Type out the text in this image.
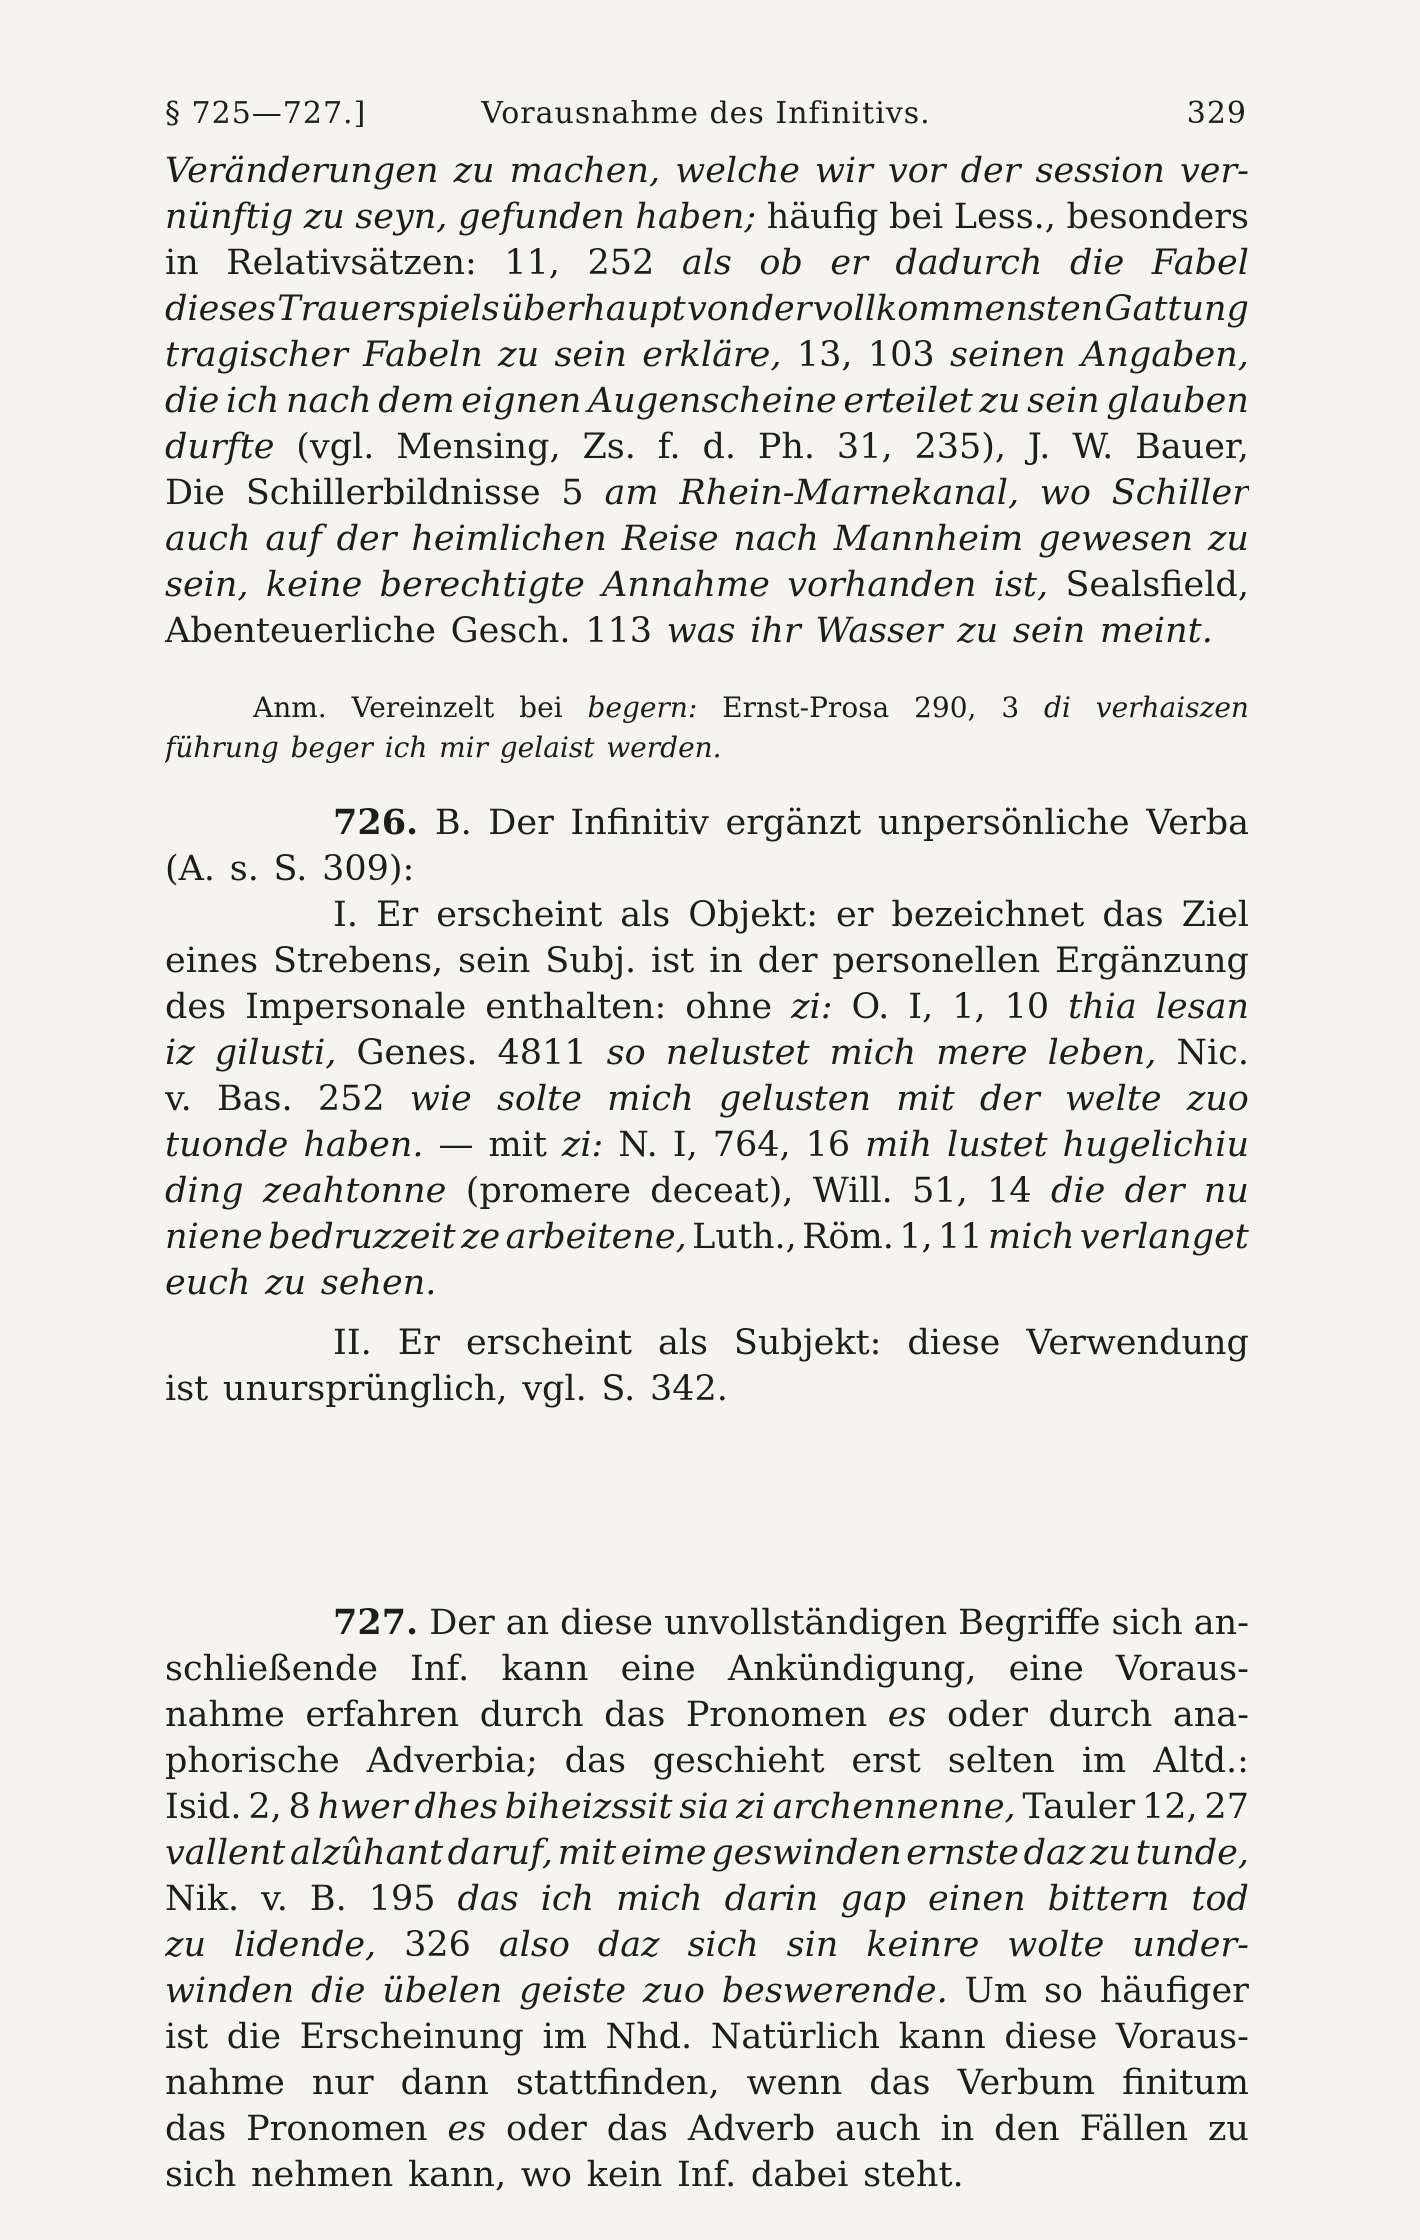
§ 725—727.]	Vorausnahme des Infinitivs.	329
Veränderungen zu machen, welche wir vor der session ver-
nünftig zu seyn, gefunden haben; häufig bei Less., besonders
in Relativsätzen: 11, 252 als ob er dadurch die Fabel
dieses Trauerspiels überhaupt von der vollkommensten Gattung
tragischer Fabeln zu sein erkläre, 13, 103 seinen Angaben,
die ich nach dem eignen Augenscheine erteilet zu sein glauben
durfte (vgl. Mensing, Zs. f. d. Ph. 31, 235), J. W. Bauer,
Die Schillerbildnisse 5 am Rhein-Marnekanal, wo Schiller
auch auf der heimlichen Reise nach Mannheim gewesen zu
sein, keine berechtigte Annahme vorhanden ist, Sealsfield,
Abenteuerliche Gesch. 113 was ihr Wasser zu sein meint.
Anm. Vereinzelt bei begern: Ernst-Prosa 290, 3 di verhaiszen
führung beger ich mir gelaist werden.
726. B. Der Infinitiv ergänzt unpersönliche Verba
(A. s. S. 309):
I. Er erscheint als Objekt: er bezeichnet das Ziel
eines Strebens, sein Subj. ist in der personellen Ergänzung
des Impersonale enthalten: ohne zi: O. I, 1, 10 thia lesan
iz gilusti, Genes. 4811 so nelustet mich mere leben, Nic.
v. Bas. 252 wie solte mich gelusten mit der welte zuo
tuonde haben. — mit zi: N. I, 764, 16 mih lustet hugelichiu
ding zeahtonne (promere deceat), Will. 51, 14 die der nu
niene bedruzzeit ze arbeitene, Luth., Röm. 1, 11 mich verlanget
euch zu sehen.
II. Er erscheint als Subjekt: diese Verwendung
ist unursprünglich, vgl. S. 342.
727. Der an diese unvollständigen Begriffe sich an-
schließende Inf. kann eine Ankündigung, eine Voraus-
nahme erfahren durch das Pronomen es oder durch ana-
phorische Adverbia; das geschieht erst selten im Altd.:
Isid. 2, 8 hwer dhes biheizssit sia zi archennenne, Tauler 12, 27
vallent alzûhant daruf, mit eime geswinden ernste daz zu tunde,
Nik. v. B. 195 das ich mich darin gap einen bittern tod
zu lidende, 326 also daz sich sin keinre wolte under-
winden die übelen geiste zuo beswerende. Um so häufiger
ist die Erscheinung im Nhd. Natürlich kann diese Voraus-
nahme nur dann stattfinden, wenn das Verbum finitum
das Pronomen es oder das Adverb auch in den Fällen zu
sich nehmen kann, wo kein Inf. dabei steht.
